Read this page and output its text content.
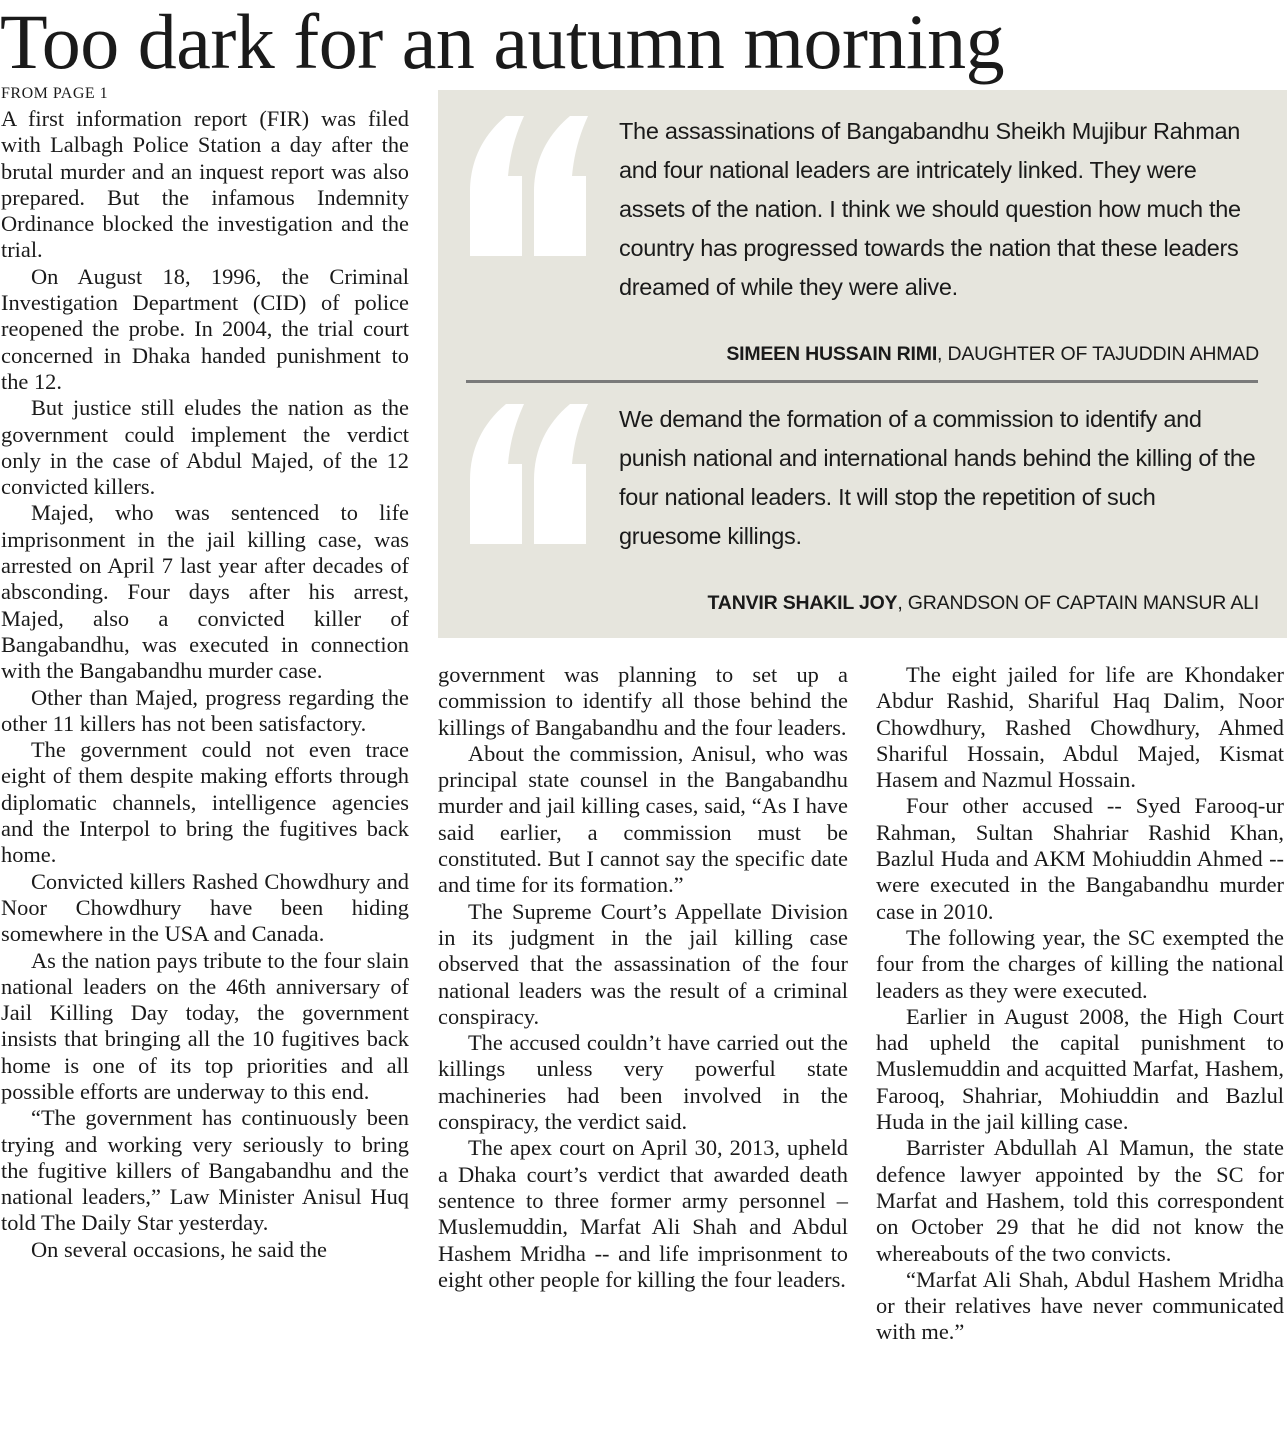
Too dark for an autumn morning
FROM PAGE 1

A first information report (FIR) was filed with Lalbagh Police Station a day after the brutal murder and an inquest report was also prepared. But the infamous Indemnity Ordinance blocked the investigation and the trial.

On August 18, 1996, the Criminal Investigation Department (CID) of police reopened the probe. In 2004, the trial court concerned in Dhaka handed punishment to the 12.

But justice still eludes the nation as the government could implement the verdict only in the case of Abdul Majed, of the 12 convicted killers.

Majed, who was sentenced to life imprisonment in the jail killing case, was arrested on April 7 last year after decades of absconding. Four days after his arrest, Majed, also a convicted killer of Bangabandhu, was executed in connection with the Bangabandhu murder case.

Other than Majed, progress regarding the other 11 killers has not been satisfactory.

The government could not even trace eight of them despite making efforts through diplomatic channels, intelligence agencies and the Interpol to bring the fugitives back home.

Convicted killers Rashed Chowdhury and Noor Chowdhury have been hiding somewhere in the USA and Canada.

As the nation pays tribute to the four slain national leaders on the 46th anniversary of Jail Killing Day today, the government insists that bringing all the 10 fugitives back home is one of its top priorities and all possible efforts are underway to this end.

“The government has continuously been trying and working very seriously to bring the fugitive killers of Bangabandhu and the national leaders,” Law Minister Anisul Huq told The Daily Star yesterday.

On several occasions, he said the

The assassinations of Bangabandhu Sheikh Mujibur Rahman and four national leaders are intricately linked. They were assets of the nation. I think we should question how much the country has progressed towards the nation that these leaders dreamed of while they were alive.
SIMEEN HUSSAIN RIMI, DAUGHTER OF TAJUDDIN AHMAD
We demand the formation of a commission to identify and punish national and international hands behind the killing of the four national leaders. It will stop the repetition of such gruesome killings.
TANVIR SHAKIL JOY, GRANDSON OF CAPTAIN MANSUR ALI

government was planning to set up a commission to identify all those behind the killings of Bangabandhu and the four leaders.

About the commission, Anisul, who was principal state counsel in the Bangabandhu murder and jail killing cases, said, “As I have said earlier, a commission must be constituted. But I cannot say the specific date and time for its formation.”

The Supreme Court’s Appellate Division in its judgment in the jail killing case observed that the assassination of the four national leaders was the result of a criminal conspiracy.

The accused couldn’t have carried out the killings unless very powerful state machineries had been involved in the conspiracy, the verdict said.

The apex court on April 30, 2013, upheld a Dhaka court’s verdict that awarded death sentence to three former army personnel – Muslemuddin, Marfat Ali Shah and Abdul Hashem Mridha -- and life imprisonment to eight other people for killing the four leaders.

The eight jailed for life are Khondaker Abdur Rashid, Shariful Haq Dalim, Noor Chowdhury, Rashed Chowdhury, Ahmed Shariful Hossain, Abdul Majed, Kismat Hasem and Nazmul Hossain.

Four other accused -- Syed Farooq-ur Rahman, Sultan Shahriar Rashid Khan, Bazlul Huda and AKM Mohiuddin Ahmed -- were executed in the Bangabandhu murder case in 2010.

The following year, the SC exempted the four from the charges of killing the national leaders as they were executed.

Earlier in August 2008, the High Court had upheld the capital punishment to Muslemuddin and acquitted Marfat, Hashem, Farooq, Shahriar, Mohiuddin and Bazlul Huda in the jail killing case.

Barrister Abdullah Al Mamun, the state defence lawyer appointed by the SC for Marfat and Hashem, told this correspondent on October 29 that he did not know the whereabouts of the two convicts.

“Marfat Ali Shah, Abdul Hashem Mridha or their relatives have never communicated with me.”
